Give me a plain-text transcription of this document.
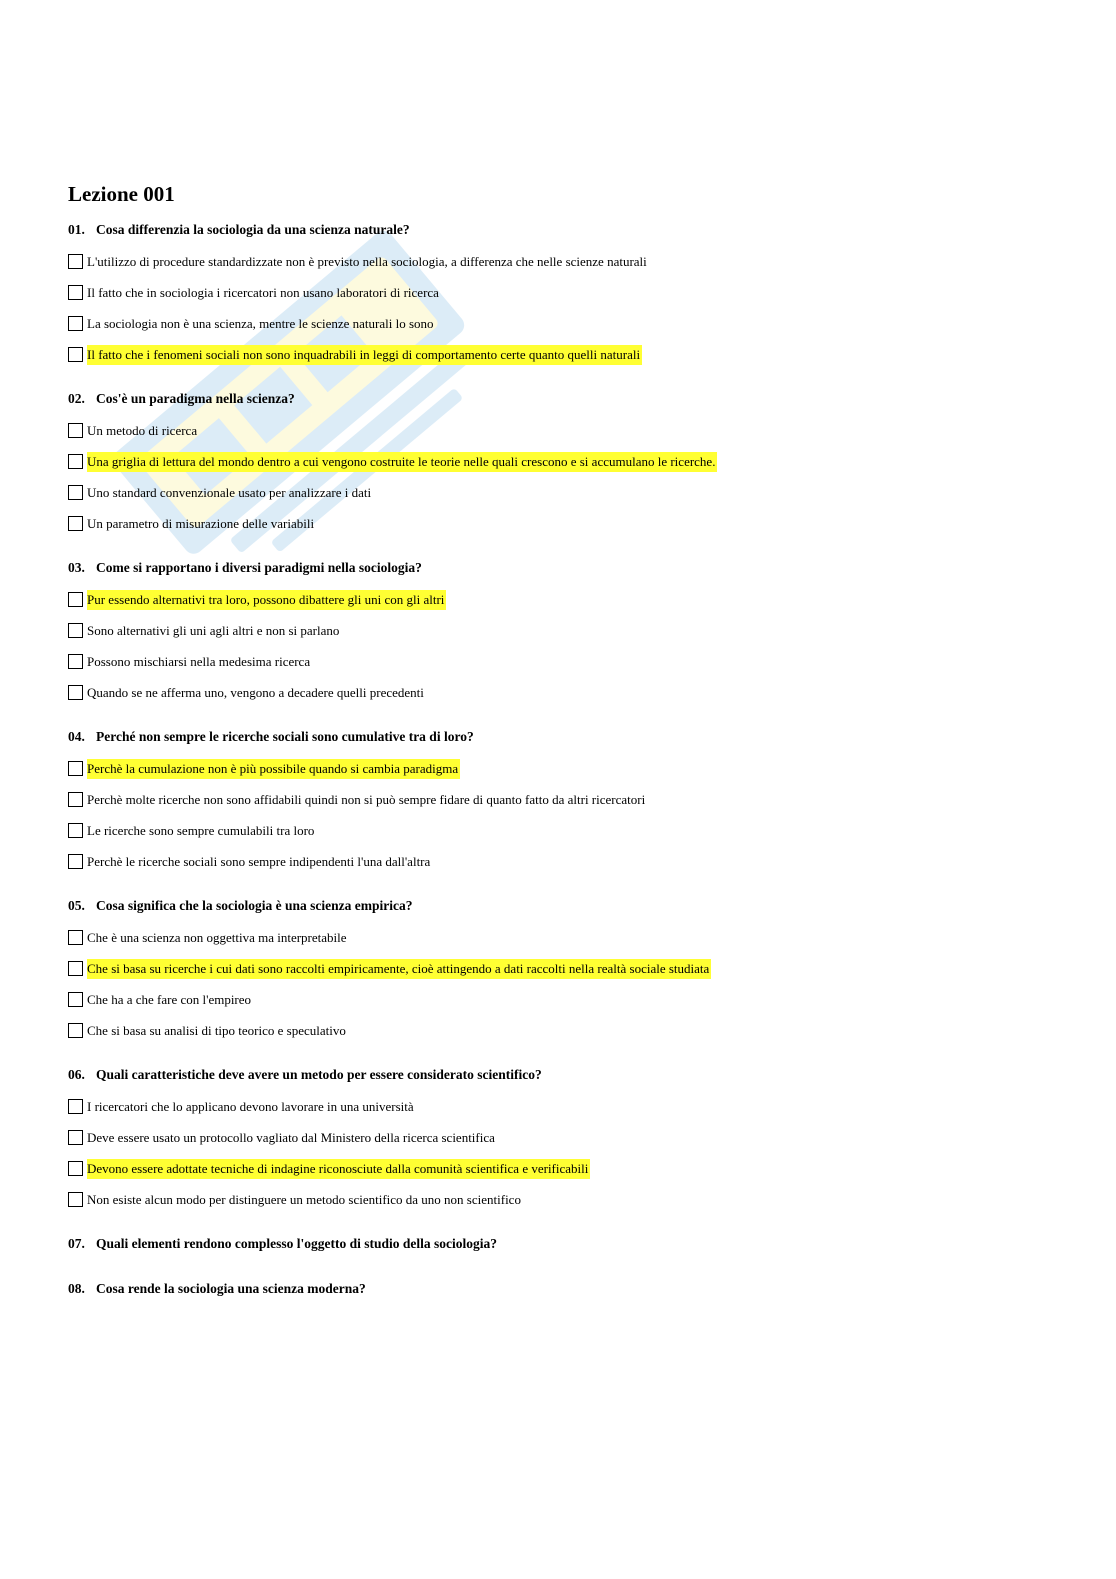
Lezione 001
01. Cosa differenzia la sociologia da una scienza naturale?
L'utilizzo di procedure standardizzate non è previsto nella sociologia, a differenza che nelle scienze naturali
Il fatto che in sociologia i ricercatori non usano laboratori di ricerca
La sociologia non è una scienza, mentre le scienze naturali lo sono
Il fatto che i fenomeni sociali non sono inquadrabili in leggi di comportamento certe quanto quelli naturali
02. Cos'è un paradigma nella scienza?
Un metodo di ricerca
Una griglia di lettura del mondo dentro a cui vengono costruite le teorie nelle quali crescono e si accumulano le ricerche.
Uno standard convenzionale usato per analizzare i dati
Un parametro di misurazione delle variabili
03. Come si rapportano i diversi paradigmi nella sociologia?
Pur essendo alternativi tra loro, possono dibattere gli uni con gli altri
Sono alternativi gli uni agli altri e non si parlano
Possono mischiarsi nella medesima ricerca
Quando se ne afferma uno, vengono a decadere quelli precedenti
04. Perché non sempre le ricerche sociali sono cumulative tra di loro?
Perchè la cumulazione non è più possibile quando si cambia paradigma
Perchè molte ricerche non sono affidabili quindi non si può sempre fidare di quanto fatto da altri ricercatori
Le ricerche sono sempre cumulabili tra loro
Perchè le ricerche sociali sono sempre indipendenti l'una dall'altra
05. Cosa significa che la sociologia è una scienza empirica?
Che è una scienza non oggettiva ma interpretabile
Che si basa su ricerche i cui dati sono raccolti empiricamente, cioè attingendo a dati raccolti nella realtà sociale studiata
Che ha a che fare con l'empireo
Che si basa su analisi di tipo teorico e speculativo
06. Quali caratteristiche deve avere un metodo per essere considerato scientifico?
I ricercatori che lo applicano devono lavorare in una università
Deve essere usato un protocollo vagliato dal Ministero della ricerca scientifica
Devono essere adottate tecniche di indagine riconosciute dalla comunità scientifica e verificabili
Non esiste alcun modo per distinguere un metodo scientifico da uno non scientifico
07. Quali elementi rendono complesso l'oggetto di studio della sociologia?
08. Cosa rende la sociologia una scienza moderna?
